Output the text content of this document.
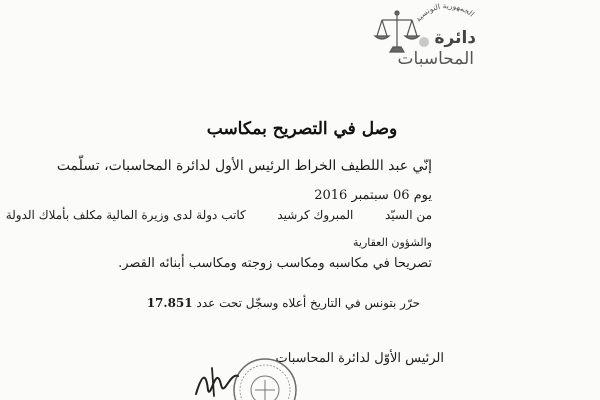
الجمهورية التونسية
دائرة
المحاسبات
وصل في التصريح بمكاسب
إنّي عبد اللطيف الخراط الرئيس الأول لدائرة المحاسبات، تسلّمت
يوم 06 سبتمبر 2016
من السيّد  المبروك كرشيد  كاتب دولة لدى وزيرة المالية مكلف بأملاك الدولة
والشؤون العقارية
تصريحا في مكاسبه ومكاسب زوجته ومكاسب أبنائه القصر.
حرّر بتونس في التاريخ أعلاه وسجّل تحت عدد 17.851
الرئيس الأوّل لدائرة المحاسبات
